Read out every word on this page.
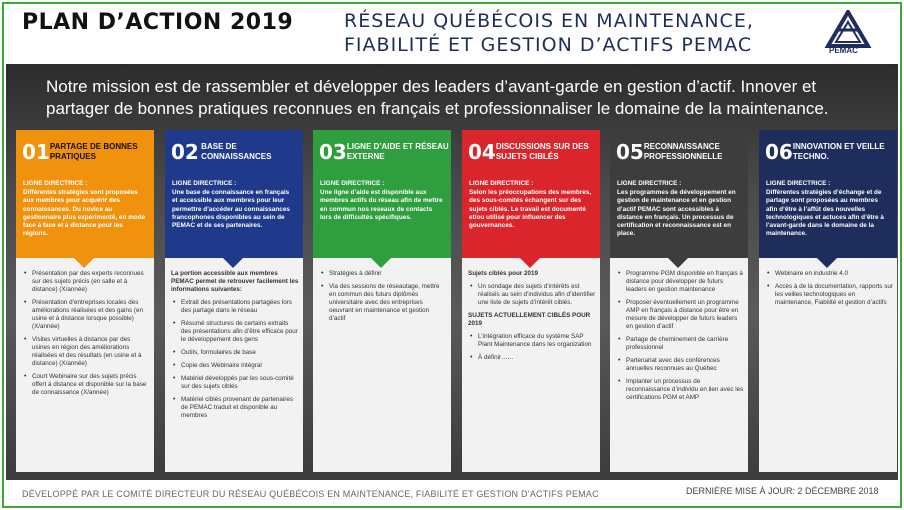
PLAN D’ACTION 2019	RÉSEAU QUÉBÉCOIS EN MAINTENANCE,
FIABILITÉ ET GESTION D’ACTIFS PEMAC	PEMAC
Notre mission est de rassembler et développer des leaders d’avant-garde en gestion d’actif. Innover et partager de bonnes pratiques reconnues en français et professionnaliser le domaine de la maintenance.
01 PARTAGE DE BONNES PRATIQUES
LIGNE DIRECTRICE :
Différentes stratégies sont proposées aux membres pour acquérir des connaissances. Du novice au gestionnaire plus expérimenté, en mode face à face et à distance pour les régions.
• Présentation par des experts reconnues sur des sujets précis (en salle et à distance) (X/année)
• Présentation d’entreprises locales des améliorations réalisées et des gains (en usine et à distance lorsque possible) (X/année)
• Visites virtuelles à distance par des usines en région des améliorations réalisées et des résultats (en usine et à distance) (X/année)
• Court Webinaire sur des sujets précis offert à distance et disponible sur la base de connaissance (X/année)
02 BASE DE CONNAISSANCES
LIGNE DIRECTRICE :
Une base de connaissance en français et accessible aux membres pour leur permettre d’accéder au connaissances francophones disponibles au sein de PEMAC et de ses partenaires.
La portion accessible aux membres PEMAC permet de retrouver facilement les informations suivantes:
• Extrait des présentations partagées lors des partage dans le réseau
• Résumé structures de certains extraits des présentations afin d’être efficace pour le développement des gens
• Outils, formulaires de base
• Copie des Webinaire intégral
• Matériel développés par les sous-comité sur des sujets ciblés
• Matériel ciblés provenant de partenaires de PEMAC traduit et disponible au membres
03 LIGNE D’AIDE ET RÉSEAU EXTERNE
LIGNE DIRECTRICE :
Une ligne d’aide est disponible aux membres actifs du réseau afin de mettre en commun nos reseaux de contacts lors de difficultés spécifiques.
• Stratégies à définir
• Via des sessions de réseautage, mettre en commun des futurs diplômés universitaire avec des entreprises oeuvrant en maintenance et gestion d’actif
04 DISCUSSIONS SUR DES SUJETS CIBLÉS
LIGNE DIRECTRICE :
Selon les préoccupations des membres, des sous-comités échangent sur des sujets ciblés. Le travail est documenté et/ou utilisé pour influencer des gouvernances.
Sujets ciblés pour 2019
• Un sondage des sujets d’intérêts est réalisés au sein d’individus afin d’identifier une liste de sujets d’intérêt ciblés.
SUJETS ACTUELLEMENT CIBLÉS POUR 2019
• L’intégration efficace du système SAP Plant Maintenance dans les organization
• À définir……
05 RECONNAISSANCE PROFESSIONNELLE
LIGNE DIRECTRICE :
Les programmes de développement en gestion de maintenance et en gestion d’actif PEMAC sont accessibles à distance en français. Un processus de certification et reconnaissance est en place.
• Programme PGM disponible en français à distance pour développer de futurs leaders en gestion maintenance
• Proposer éventuellement un programme AMP en français à distance pour être en mesure de développer de futurs leaders en gestion d’actif
• Partage de cheminement de carrière professionnel
• Partenariat avec des conférences annuelles reconnues au Québec
• Implanter un processus de reconnaissance d’individu en lien avec les certifications PGM et AMP
06 INNOVATION ET VEILLE TECHNO.
LIGNE DIRECTRICE :
Différentes stratégies d’échange et de partage sont proposées au membres afin d’être à l’affût des nouvelles technologiques et actuces afin d’être à l’avant-garde dans le domaine de la maintenance.
• Webinaire en industrie 4.0
• Accès à de la documentation, rapports sur les veilles technologiques en maintenance, Fiabilité et gestion d’actifs
DÉVELOPPÉ PAR LE COMITÉ DIRECTEUR DU RÉSEAU QUÉBÉCOIS EN MAINTENANCE, FIABILITÉ ET GESTION D’ACTIFS PEMAC	DERNIÈRE MISE À JOUR: 2 DÉCEMBRE 2018
